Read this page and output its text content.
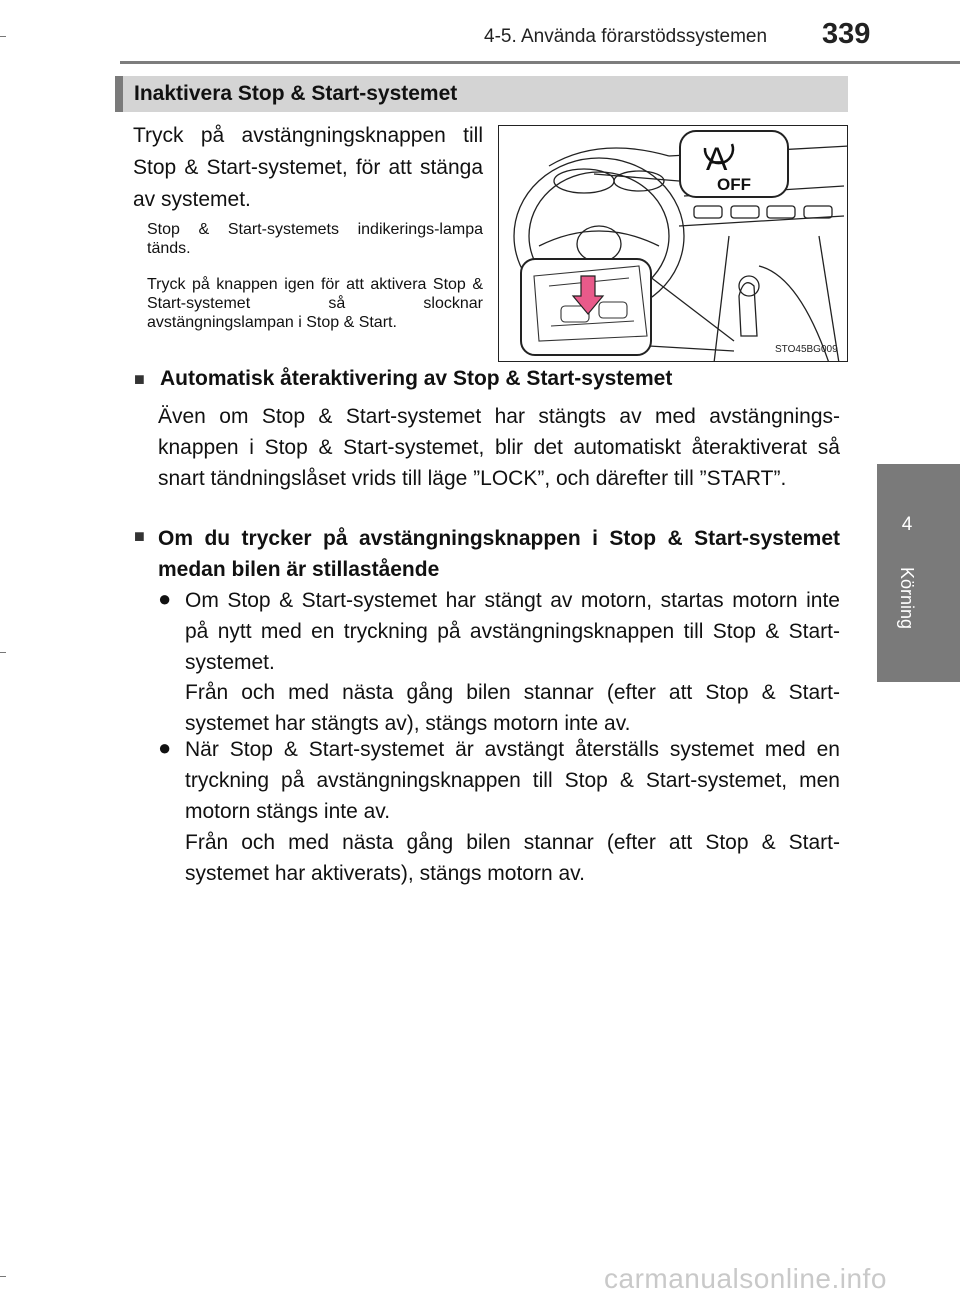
4-5. Använda förarstödssystemen 339
4
Körning
Inaktivera Stop & Start-systemet
Tryck på avstängningsknappen till Stop & Start-systemet, för att stänga av systemet.
Stop & Start-systemets indikerings-lampa tänds.
Tryck på knappen igen för att aktivera Stop & Start-systemet så slocknar avstängningslampan i Stop & Start.
A
OFF
STO45BG009
■ Automatisk återaktivering av Stop & Start-systemet
Även om Stop & Start-systemet har stängts av med avstängnings-knappen i Stop & Start-systemet, blir det automatiskt återaktiverat så snart tändningslåset vrids till läge ”LOCK”, och därefter till ”START”.
■ Om du trycker på avstängningsknappen i Stop & Start-systemet medan bilen är stillastående
● Om Stop & Start-systemet har stängt av motorn, startas motorn inte på nytt med en tryckning på avstängningsknappen till Stop & Start-systemet.
Från och med nästa gång bilen stannar (efter att Stop & Start-systemet har stängts av), stängs motorn inte av.
● När Stop & Start-systemet är avstängt återställs systemet med en tryckning på avstängningsknappen till Stop & Start-systemet, men motorn stängs inte av.
Från och med nästa gång bilen stannar (efter att Stop & Start-systemet har aktiverats), stängs motorn av.
carmanualsonline.info
